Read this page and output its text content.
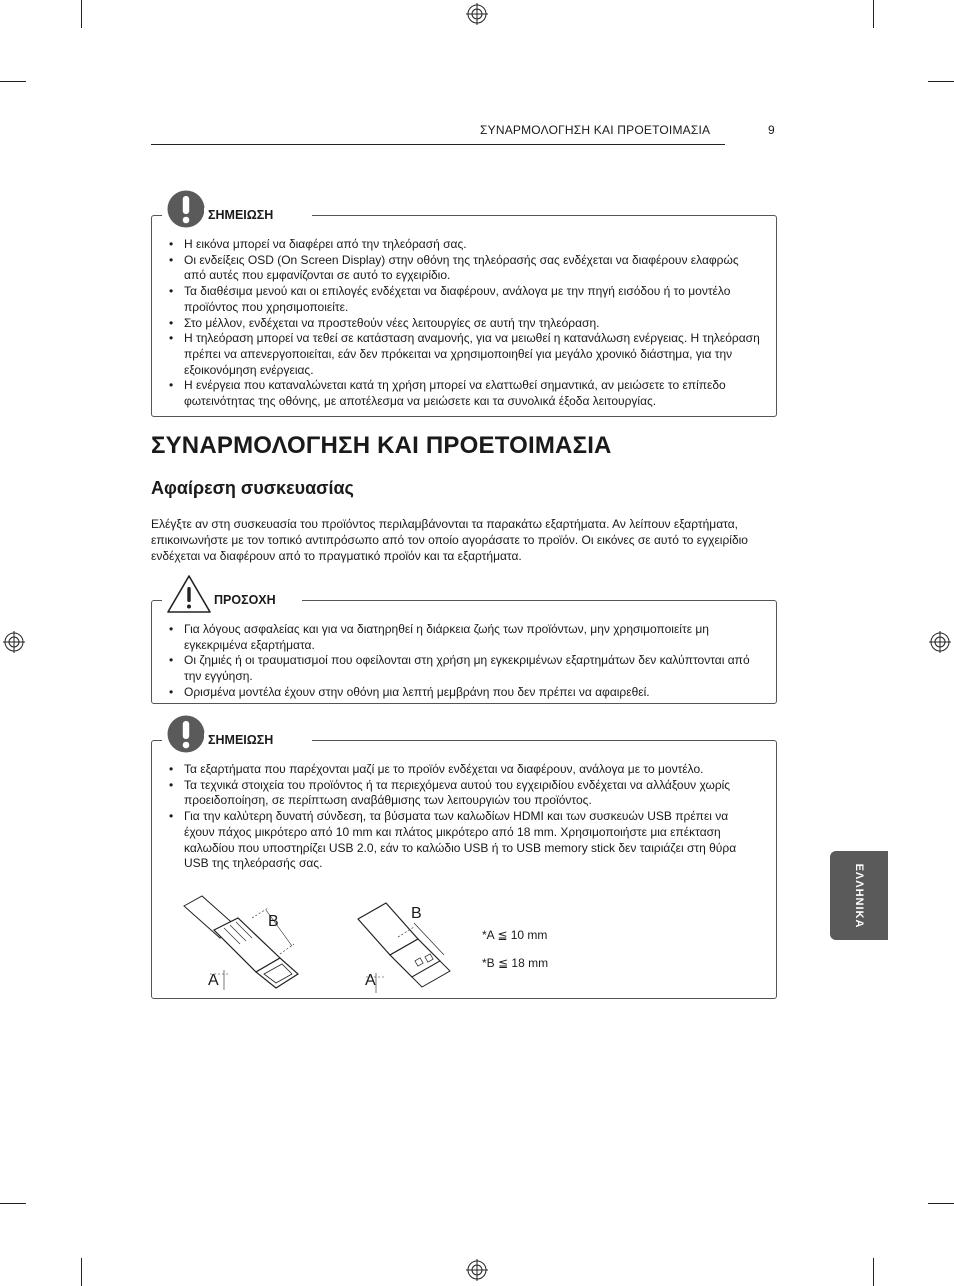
ΣΥΝΑΡΜΟΛΟΓΗΣΗ ΚΑΙ ΠΡΟΕΤΟΙΜΑΣΙΑ	9
ΣΗΜΕΙΩΣΗ
• Η εικόνα μπορεί να διαφέρει από την τηλεόρασή σας.
• Οι ενδείξεις OSD (On Screen Display) στην οθόνη της τηλεόρασής σας ενδέχεται να διαφέρουν ελαφρώς από αυτές που εμφανίζονται σε αυτό το εγχειρίδιο.
• Τα διαθέσιμα μενού και οι επιλογές ενδέχεται να διαφέρουν, ανάλογα με την πηγή εισόδου ή το μοντέλο προϊόντος που χρησιμοποιείτε.
• Στο μέλλον, ενδέχεται να προστεθούν νέες λειτουργίες σε αυτή την τηλεόραση.
• Η τηλεόραση μπορεί να τεθεί σε κατάσταση αναμονής, για να μειωθεί η κατανάλωση ενέργειας. Η τηλεόραση πρέπει να απενεργοποιείται, εάν δεν πρόκειται να χρησιμοποιηθεί για μεγάλο χρονικό διάστημα, για την εξοικονόμηση ενέργειας.
• Η ενέργεια που καταναλώνεται κατά τη χρήση μπορεί να ελαττωθεί σημαντικά, αν μειώσετε το επίπεδο φωτεινότητας της οθόνης, με αποτέλεσμα να μειώσετε και τα συνολικά έξοδα λειτουργίας.
ΣΥΝΑΡΜΟΛΟΓΗΣΗ ΚΑΙ ΠΡΟΕΤΟΙΜΑΣΙΑ
Αφαίρεση συσκευασίας

Ελέγξτε αν στη συσκευασία του προϊόντος περιλαμβάνονται τα παρακάτω εξαρτήματα. Αν λείπουν εξαρτήματα, επικοινωνήστε με τον τοπικό αντιπρόσωπο από τον οποίο αγοράσατε το προϊόν. Οι εικόνες σε αυτό το εγχειρίδιο ενδέχεται να διαφέρουν από το πραγματικό προϊόν και τα εξαρτήματα.

ΠΡΟΣΟΧΗ
• Για λόγους ασφαλείας και για να διατηρηθεί η διάρκεια ζωής των προϊόντων, μην χρησιμοποιείτε μη εγκεκριμένα εξαρτήματα.
• Οι ζημιές ή οι τραυματισμοί που οφείλονται στη χρήση μη εγκεκριμένων εξαρτημάτων δεν καλύπτονται από την εγγύηση.
• Ορισμένα μοντέλα έχουν στην οθόνη μια λεπτή μεμβράνη που δεν πρέπει να αφαιρεθεί.
ΣΗΜΕΙΩΣΗ
• Τα εξαρτήματα που παρέχονται μαζί με το προϊόν ενδέχεται να διαφέρουν, ανάλογα με το μοντέλο.
• Τα τεχνικά στοιχεία του προϊόντος ή τα περιεχόμενα αυτού του εγχειριδίου ενδέχεται να αλλάξουν χωρίς προειδοποίηση, σε περίπτωση αναβάθμισης των λειτουργιών του προϊόντος.
• Για την καλύτερη δυνατή σύνδεση, τα βύσματα των καλωδίων HDMI και των συσκευών USB πρέπει να έχουν πάχος μικρότερο από 10 mm και πλάτος μικρότερο από 18 mm. Χρησιμοποιήστε μια επέκταση καλωδίου που υποστηρίζει USB 2.0, εάν το καλώδιο USB ή το USB memory stick δεν ταιριάζει στη θύρα USB της τηλεόρασής σας.
B
A
B
A
*A ≦ 10 mm
*B ≦ 18 mm
ΕΛΛΗΝΙΚΑ
